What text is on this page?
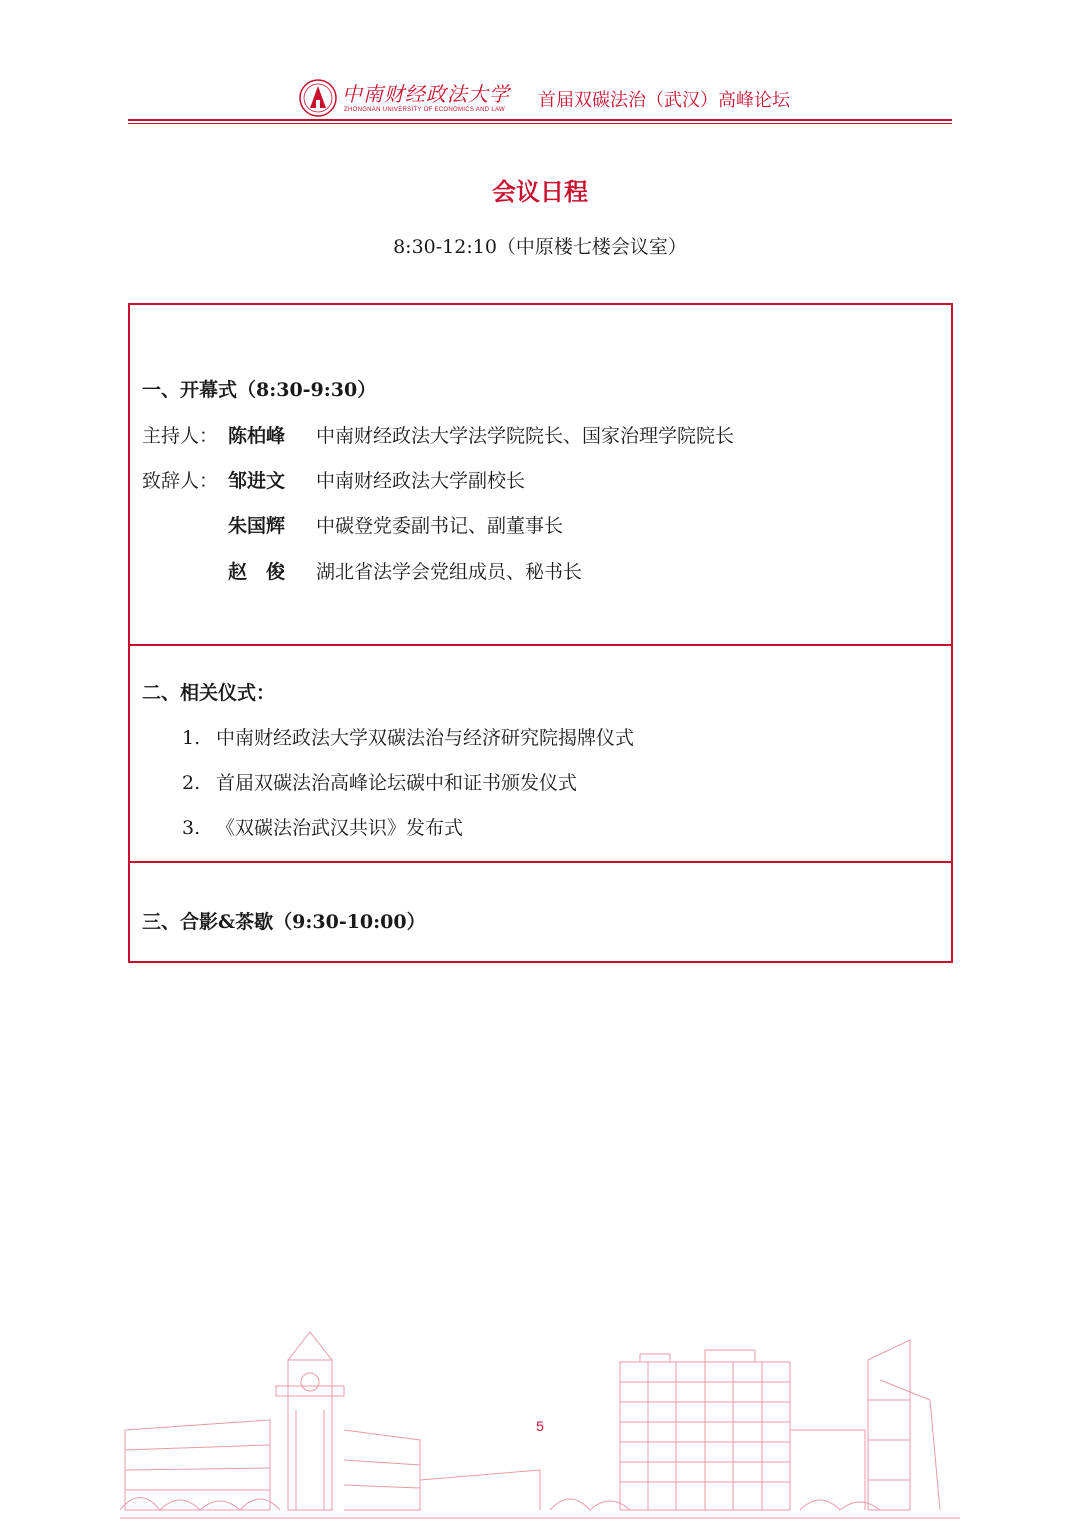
中南财经政法大学
ZHONGNAN UNIVERSITY OF ECONOMICS AND LAW 首届双碳法治（武汉）高峰论坛
会议日程
8:30-12:10（中原楼七楼会议室）
一、开幕式（8:30-9:30）
主持人： 陈柏峰 中南财经政法大学法学院院长、国家治理学院院长
致辞人： 邹进文 中南财经政法大学副校长
朱国辉 中碳登党委副书记、副董事长
赵　俊 湖北省法学会党组成员、秘书长
二、相关仪式：
1. 中南财经政法大学双碳法治与经济研究院揭牌仪式
2. 首届双碳法治高峰论坛碳中和证书颁发仪式
3. 《双碳法治武汉共识》发布式
三、合影&茶歇（9:30-10:00）
5
